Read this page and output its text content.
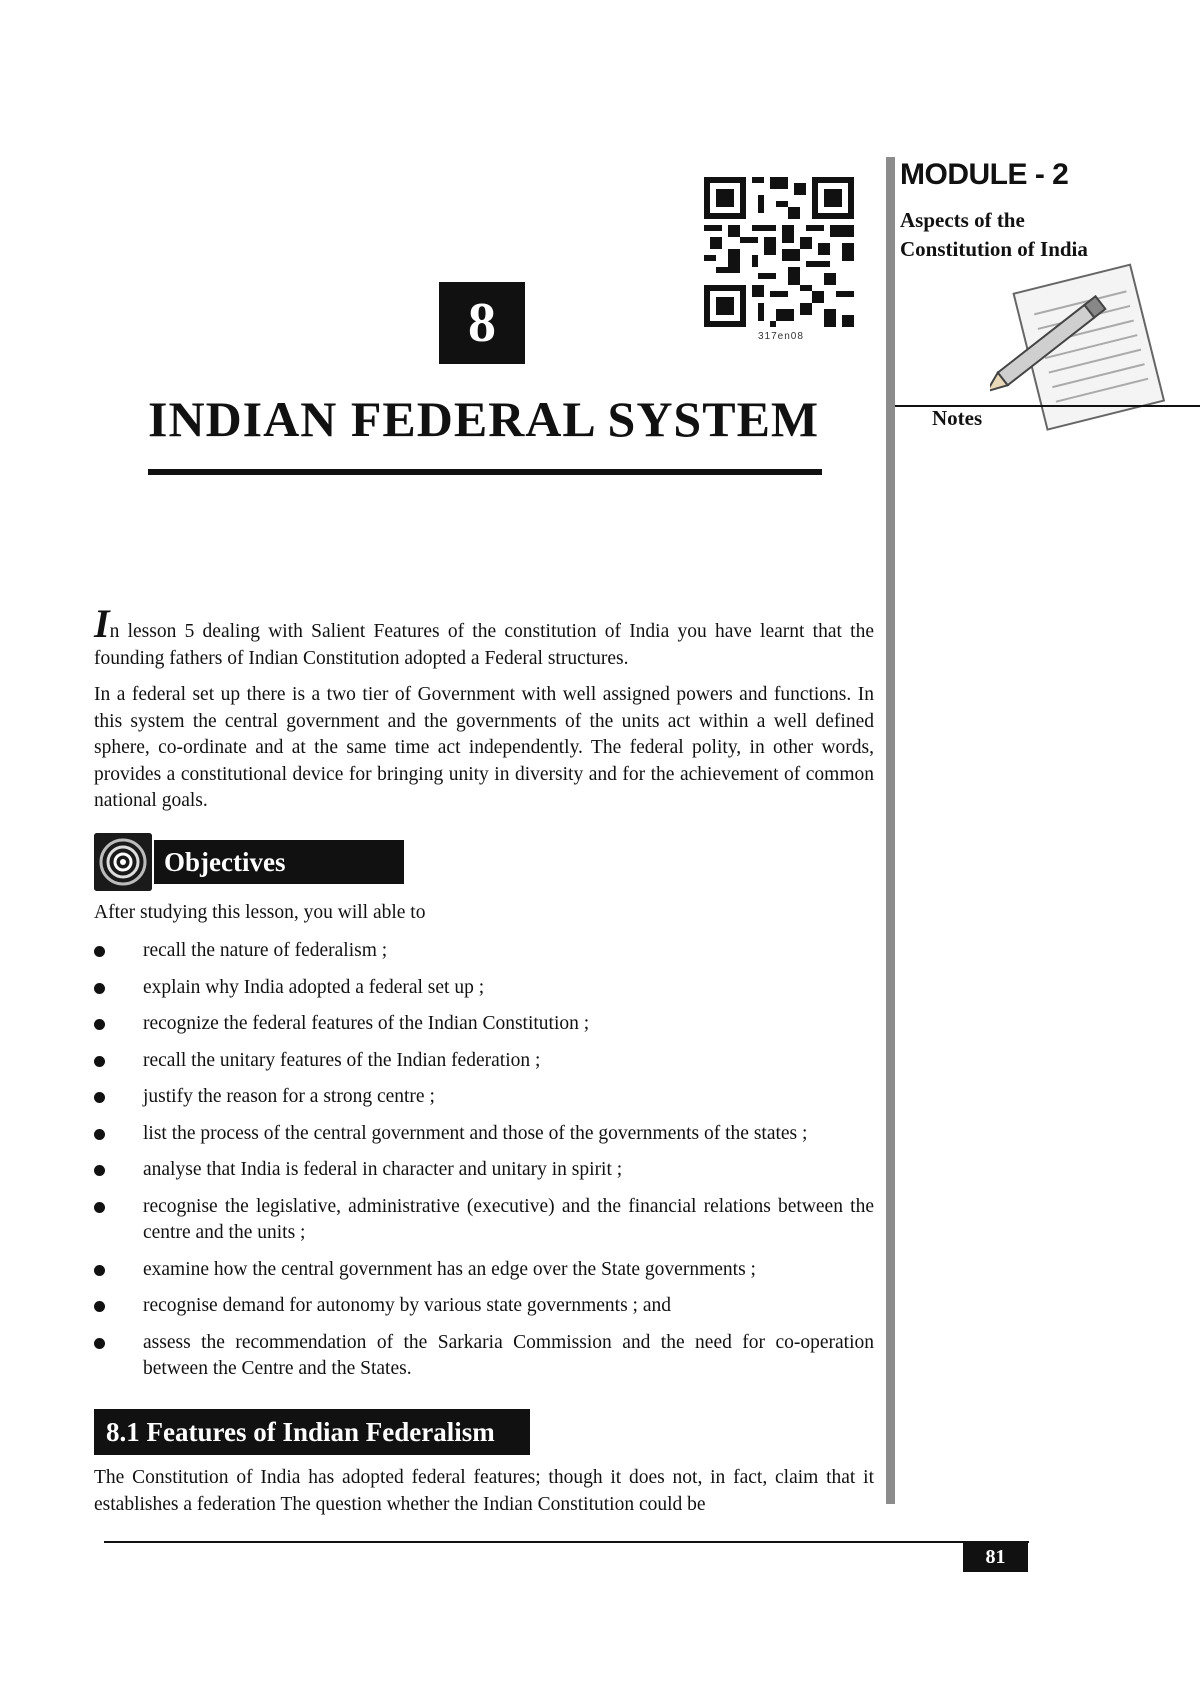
MODULE - 2
Aspects of the
Constitution of India
Notes
8	317en08
INDIAN FEDERAL SYSTEM
In lesson 5 dealing with Salient Features of the constitution of India you have learnt that the founding fathers of Indian Constitution adopted a Federal structures.
In a federal set up there is a two tier of Government with well assigned powers and functions. In this system the central government and the governments of the units act within a well defined sphere, co-ordinate and at the same time act independently. The federal polity, in other words, provides a constitutional device for bringing unity in diversity and for the achievement of common national goals.
Objectives
After studying this lesson, you will able to
recall the nature of federalism ;
explain why India adopted a federal set up ;
recognize the federal features of the Indian Constitution ;
recall the unitary features of the Indian federation ;
justify the reason for a strong centre ;
list the process of the central government and those of the governments of the states ;
analyse that India is federal in character and unitary in spirit ;
recognise the legislative, administrative (executive) and the financial relations between the centre and the units ;
examine how the central government has an edge over the State governments ;
recognise demand for autonomy by various state governments ; and
assess the recommendation of the Sarkaria Commission and the need for co-operation between the Centre and the States.
8.1 Features of Indian Federalism
The Constitution of India has adopted federal features; though it does not, in fact, claim that it establishes a federation The question whether the Indian Constitution could be
81
